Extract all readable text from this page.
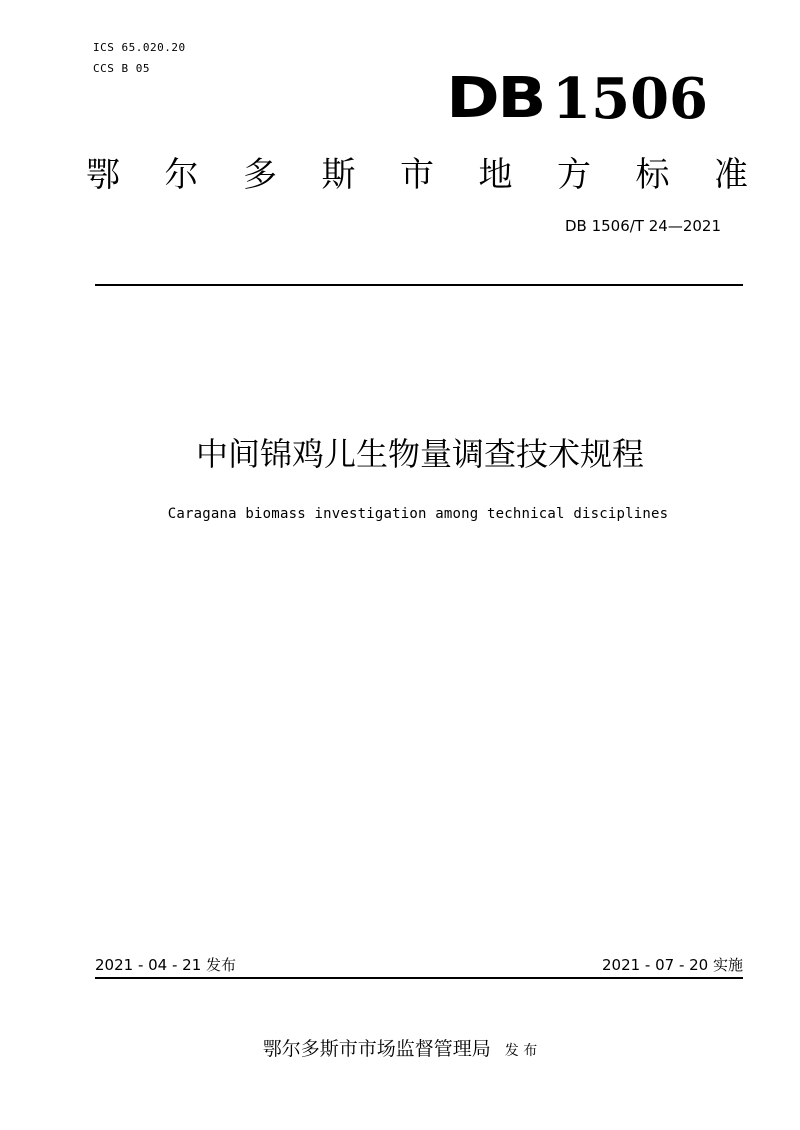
ICS 65.020.20
CCS B 05	DB 1506
鄂 尔 多 斯 市 地 方 标 准
DB 1506/T 24—2021
中间锦鸡儿生物量调查技术规程
Caragana biomass investigation among technical disciplines
2021 - 04 - 21 发布	2021 - 07 - 20 实施
鄂尔多斯市市场监督管理局 发 布
